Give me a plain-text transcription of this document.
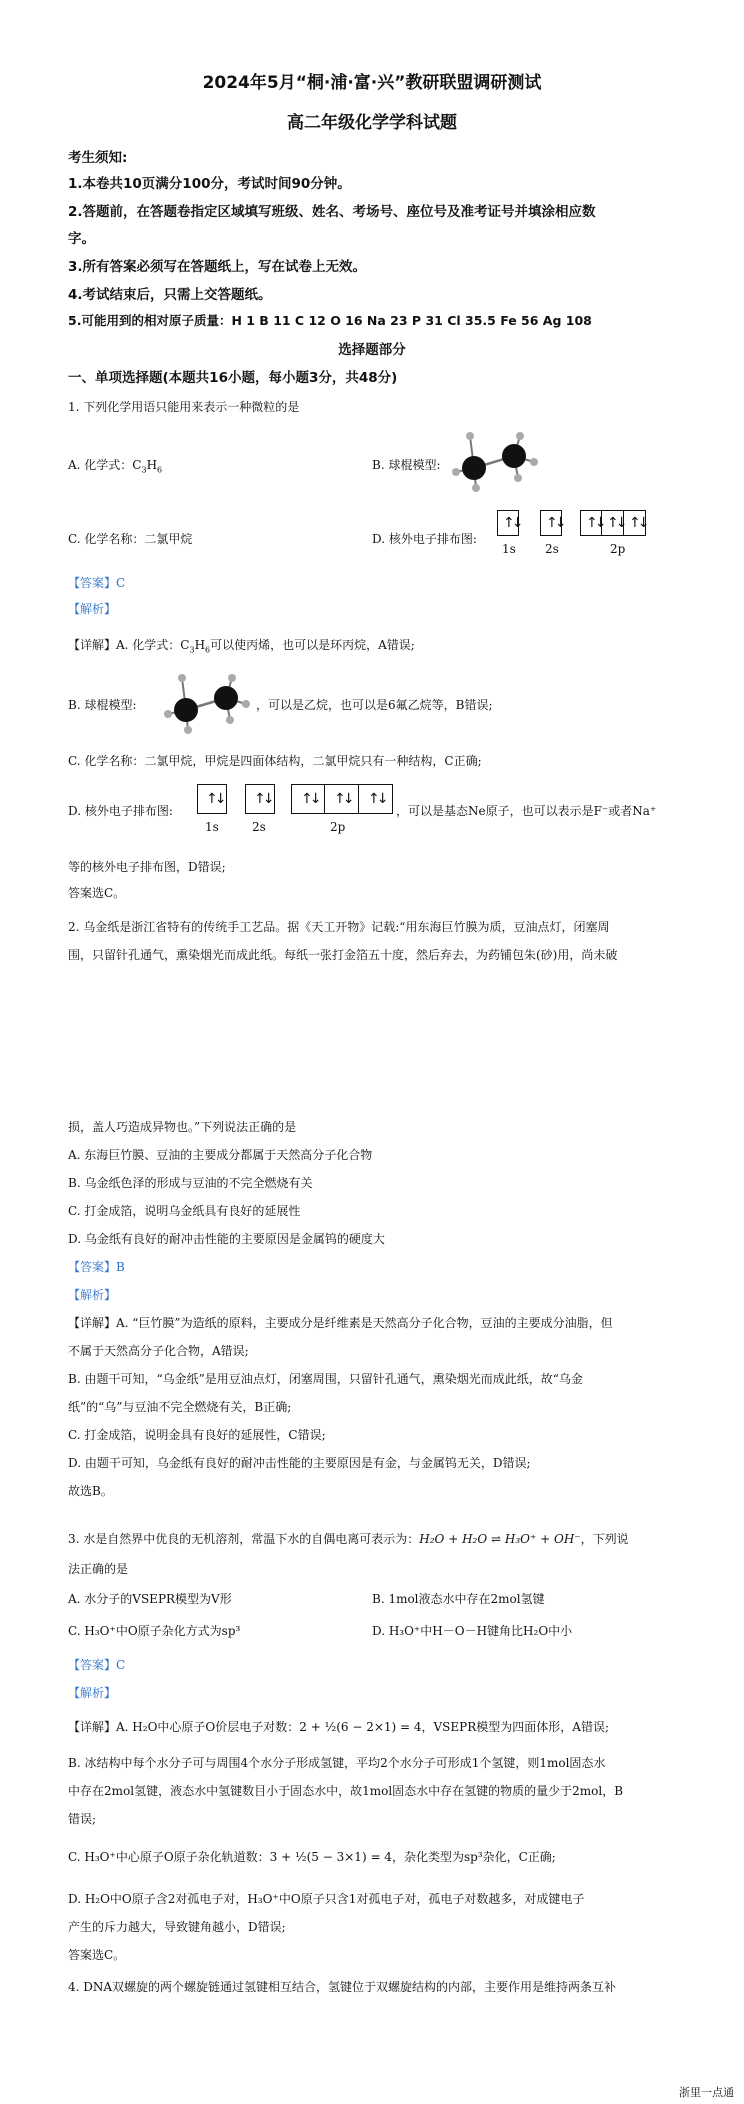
2024年5月“桐·浦·富·兴”教研联盟调研测试
高二年级化学学科试题
考生须知:
1.本卷共10页满分100分，考试时间90分钟。
2.答题前，在答题卷指定区域填写班级、姓名、考场号、座位号及准考证号并填涂相应数
字。
3.所有答案必须写在答题纸上，写在试卷上无效。
4.考试结束后，只需上交答题纸。
5.可能用到的相对原子质量：H 1 B 11 C 12 O 16 Na 23 P 31 Cl 35.5 Fe 56 Ag 108
选择题部分
一、单项选择题(本题共16小题，每小题3分，共48分)
1. 下列化学用语只能用来表示一种微粒的是
A. 化学式：$C_3H_6$	B. 球棍模型:
C. 化学名称：二氯甲烷	D. 核外电子排布图:
↑↓ ↑↓ ↑↓ ↑↓ ↑↓
1s 2s	2p
【答案】C
【解析】
【详解】A. 化学式：$C_3H_6$可以使丙烯，也可以是环丙烷，A错误;
B. 球棍模型:	，可以是乙烷，也可以是6氟乙烷等，B错误;
C. 化学名称：二氯甲烷，甲烷是四面体结构，二氯甲烷只有一种结构，C正确;
D. 核外电子排布图:
↑↓ ↑↓ ↑↓ ↑↓ ↑↓
1s	2s	2p
，可以是基态Ne原子，也可以表示是F⁻或者Na⁺
等的核外电子排布图，D错误;
答案选C。
2. 乌金纸是浙江省特有的传统手工艺品。据《天工开物》记载:“用东海巨竹膜为质，豆油点灯，闭塞周
围，只留针孔通气，熏染烟光而成此纸。每纸一张打金箔五十度，然后弃去，为药铺包朱(砂)用，尚未破
损，盖人巧造成异物也。”下列说法正确的是
A. 东海巨竹膜、豆油的主要成分都属于天然高分子化合物
B. 乌金纸色泽的形成与豆油的不完全燃烧有关
C. 打金成箔，说明乌金纸具有良好的延展性
D. 乌金纸有良好的耐冲击性能的主要原因是金属钨的硬度大
【答案】B
【解析】
【详解】A. “巨竹膜”为造纸的原料，主要成分是纤维素是天然高分子化合物，豆油的主要成分油脂，但
不属于天然高分子化合物，A错误;
B. 由题干可知，“乌金纸”是用豆油点灯，闭塞周围，只留针孔通气，熏染烟光而成此纸，故“乌金
纸”的“乌”与豆油不完全燃烧有关，B正确;
C. 打金成箔，说明金具有良好的延展性，C错误;
D. 由题干可知，乌金纸有良好的耐冲击性能的主要原因是有金，与金属钨无关，D错误;
故选B。
3. 水是自然界中优良的无机溶剂，常温下水的自偶电离可表示为：H₂O + H₂O ⇌ H₃O⁺ + OH⁻，下列说
法正确的是
A. 水分子的VSEPR模型为V形	B. 1mol液态水中存在2mol氢键
C. H₃O⁺中O原子杂化方式为sp³	D. H₃O⁺中H－O－H键角比H₂O中小
【答案】C
【解析】
【详解】A. H₂O中心原子O价层电子对数：2 + ½(6 − 2×1) = 4，VSEPR模型为四面体形，A错误;
B. 冰结构中每个水分子可与周围4个水分子形成氢键，平均2个水分子可形成1个氢键，则1mol固态水
中存在2mol氢键，液态水中氢键数目小于固态水中，故1mol固态水中存在氢键的物质的量少于2mol，B
错误;
C. H₃O⁺中心原子O原子杂化轨道数：3 + ½(5 − 3×1) = 4，杂化类型为sp³杂化，C正确;
D. H₂O中O原子含2对孤电子对，H₃O⁺中O原子只含1对孤电子对，孤电子对数越多，对成键电子
产生的斥力越大，导致键角越小，D错误;
答案选C。
4. DNA双螺旋的两个螺旋链通过氢键相互结合，氢键位于双螺旋结构的内部，主要作用是维持两条互补
浙里一点通
